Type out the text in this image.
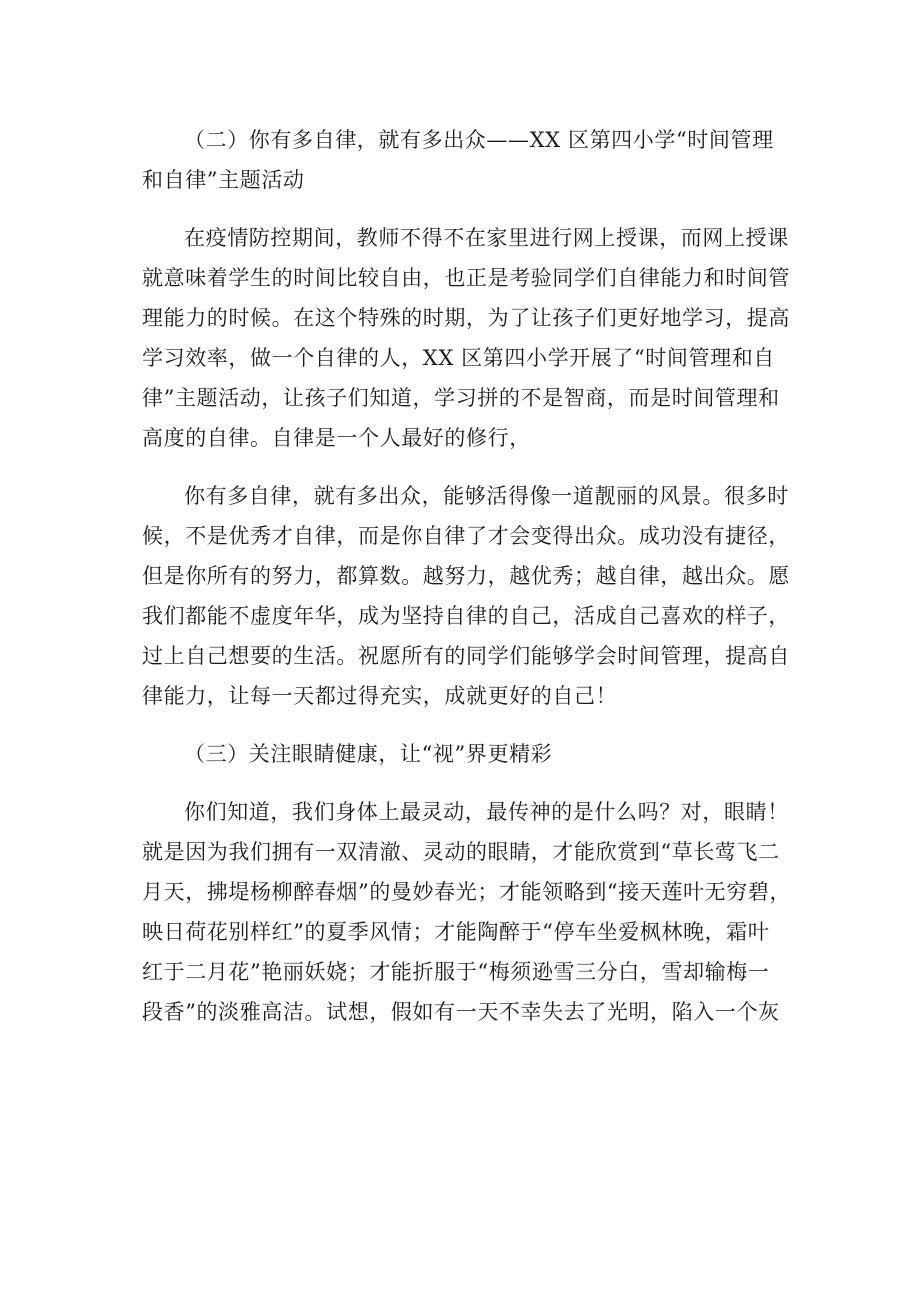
（二）你有多自律，就有多出众——XX 区第四小学“时间管理
和自律”主题活动
在疫情防控期间，教师不得不在家里进行网上授课，而网上授课
就意味着学生的时间比较自由，也正是考验同学们自律能力和时间管
理能力的时候。在这个特殊的时期，为了让孩子们更好地学习，提高
学习效率，做一个自律的人，XX 区第四小学开展了“时间管理和自
律”主题活动，让孩子们知道，学习拼的不是智商，而是时间管理和
高度的自律。自律是一个人最好的修行，
你有多自律，就有多出众，能够活得像一道靓丽的风景。很多时
候，不是优秀才自律，而是你自律了才会变得出众。成功没有捷径，
但是你所有的努力，都算数。越努力，越优秀；越自律，越出众。愿
我们都能不虚度年华，成为坚持自律的自己，活成自己喜欢的样子，
过上自己想要的生活。祝愿所有的同学们能够学会时间管理，提高自
律能力，让每一天都过得充实，成就更好的自己！
（三）关注眼睛健康，让“视”界更精彩
你们知道，我们身体上最灵动，最传神的是什么吗？对，眼睛！
就是因为我们拥有一双清澈、灵动的眼睛，才能欣赏到“草长莺飞二
月天，拂堤杨柳醉春烟”的曼妙春光；才能领略到“接天莲叶无穷碧，
映日荷花别样红”的夏季风情；才能陶醉于“停车坐爱枫林晚，霜叶
红于二月花”艳丽妖娆；才能折服于“梅须逊雪三分白，雪却输梅一
段香”的淡雅高洁。试想，假如有一天不幸失去了光明，陷入一个灰
